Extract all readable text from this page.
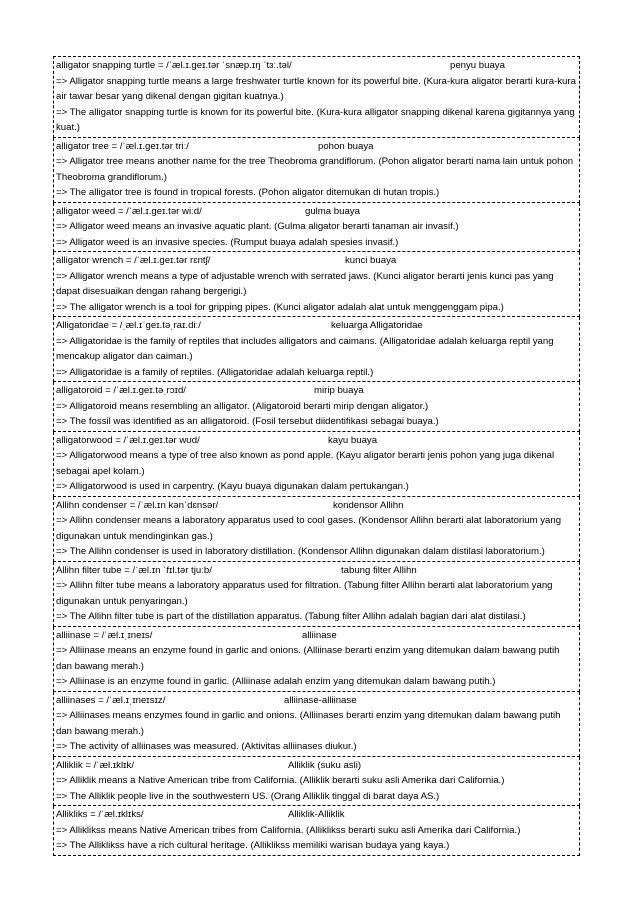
alligator snapping turtle = /ˈæl.ɪ.ɡeɪ.tər ˈsnæp.ɪŋ ˈtɜː.təl/	penyu buaya
=> Alligator snapping turtle means a large freshwater turtle known for its powerful bite. (Kura-kura aligator berarti kura-kura air tawar besar yang dikenal dengan gigitan kuatnya.)
=> The alligator snapping turtle is known for its powerful bite. (Kura-kura alligator snapping dikenal karena gigitannya yang kuat.)
alligator tree = /ˈæl.ɪ.ɡeɪ.tər triː/	pohon buaya
=> Alligator tree means another name for the tree Theobroma grandiflorum. (Pohon aligator berarti nama lain untuk pohon Theobroma grandiflorum.)
=> The alligator tree is found in tropical forests. (Pohon aligator ditemukan di hutan tropis.)
alligator weed = /ˈæl.ɪ.ɡeɪ.tər wiːd/	gulma buaya
=> Alligator weed means an invasive aquatic plant. (Gulma aligator berarti tanaman air invasif.)
=> Alligator weed is an invasive species. (Rumput buaya adalah spesies invasif.)
alligator wrench = /ˈæl.ɪ.ɡeɪ.tər rɛntʃ/	kunci buaya
=> Alligator wrench means a type of adjustable wrench with serrated jaws. (Kunci aligator berarti jenis kunci pas yang dapat disesuaikan dengan rahang bergerigi.)
=> The alligator wrench is a tool for gripping pipes. (Kunci aligator adalah alat untuk menggenggam pipa.)
Alligatoridae = /ˌæl.ɪˈɡeɪ.təˌraɪ.diː/	keluarga Alligatoridae
=> Alligatoridae is the family of reptiles that includes alligators and caimans. (Alligatoridae adalah keluarga reptil yang mencakup aligator dan caiman.)
=> Alligatoridae is a family of reptiles. (Alligatoridae adalah keluarga reptil.)
alligatoroid = /ˈæl.ɪ.ɡeɪ.təˌrɔɪd/	mirip buaya
=> Alligatoroid means resembling an alligator. (Aligatoroid berarti mirip dengan aligator.)
=> The fossil was identified as an alligatoroid. (Fosil tersebut diidentifikasi sebagai buaya.)
alligatorwood = /ˈæl.ɪ.ɡeɪ.tər wʊd/	kayu buaya
=> Alligatorwood means a type of tree also known as pond apple. (Kayu aligator berarti jenis pohon yang juga dikenal sebagai apel kolam.)
=> Alligatorwood is used in carpentry. (Kayu buaya digunakan dalam pertukangan.)
Allihn condenser = /ˈæl.ɪn kənˈdɛnsər/	kondensor Allihn
=> Allihn condenser means a laboratory apparatus used to cool gases. (Kondensor Allihn berarti alat laboratorium yang digunakan untuk mendinginkan gas.)
=> The Allihn condenser is used in laboratory distillation. (Kondensor Allihn digunakan dalam distilasi laboratorium.)
Allihn filter tube = /ˈæl.ɪn ˈfɪl.tər tjuːb/	tabung filter Allihn
=> Allihn filter tube means a laboratory apparatus used for filtration. (Tabung filter Allihn berarti alat laboratorium yang digunakan untuk penyaringan.)
=> The Allihn filter tube is part of the distillation apparatus. (Tabung filter Allihn adalah bagian dari alat distilasi.)
alliinase = /ˈæl.ɪˌɪneɪs/	alliinase
=> Alliinase means an enzyme found in garlic and onions. (Alliinase berarti enzim yang ditemukan dalam bawang putih dan bawang merah.)
=> Alliinase is an enzyme found in garlic. (Alliinase adalah enzim yang ditemukan dalam bawang putih.)
alliinases = /ˈæl.ɪˌɪneɪsɪz/	alliinase-alliinase
=> Alliinases means enzymes found in garlic and onions. (Alliinases berarti enzim yang ditemukan dalam bawang putih dan bawang merah.)
=> The activity of alliinases was measured. (Aktivitas alliinases diukur.)
Alliklik = /ˈæl.ɪklɪk/	Alliklik (suku asli)
=> Alliklik means a Native American tribe from California. (Alliklik berarti suku asli Amerika dari California.)
=> The Alliklik people live in the southwestern US. (Orang Alliklik tinggal di barat daya AS.)
Allikliks = /ˈæl.ɪklɪks/	Alliklik-Alliklik
=> Alliklikss means Native American tribes from California. (Alliklikss berarti suku asli Amerika dari California.)
=> The Alliklikss have a rich cultural heritage. (Alliklikss memiliki warisan budaya yang kaya.)
